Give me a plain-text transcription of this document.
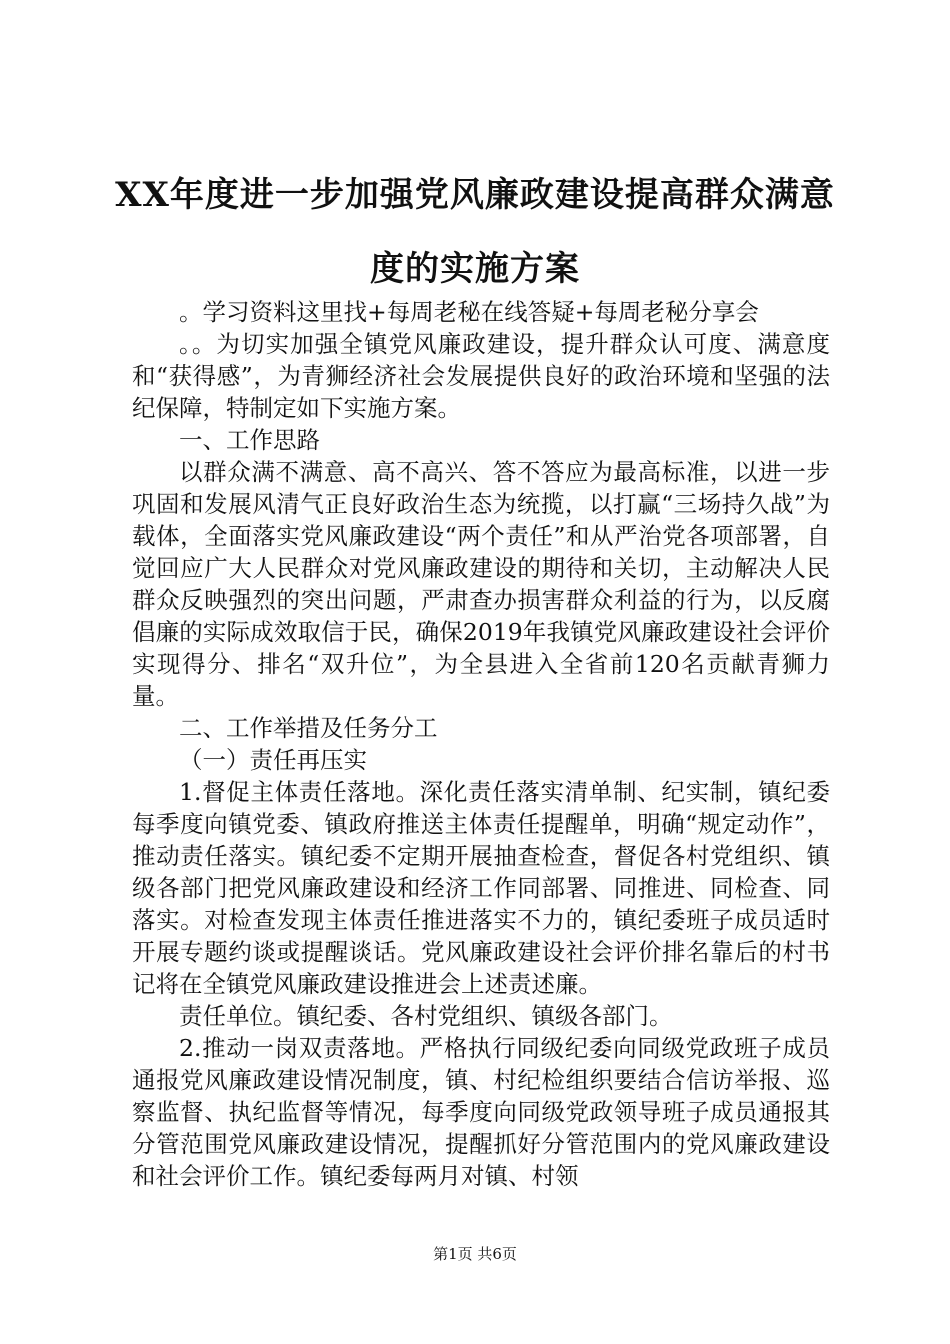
XX年度进一步加强党风廉政建设提高群众满意度的实施方案

。学习资料这里找+每周老秘在线答疑+每周老秘分享会

。。为切实加强全镇党风廉政建设，提升群众认可度、满意度和“获得感”，为青狮经济社会发展提供良好的政治环境和坚强的法纪保障，特制定如下实施方案。

一、工作思路

以群众满不满意、高不高兴、答不答应为最高标准，以进一步巩固和发展风清气正良好政治生态为统揽，以打赢“三场持久战”为载体，全面落实党风廉政建设“两个责任”和从严治党各项部署，自觉回应广大人民群众对党风廉政建设的期待和关切，主动解决人民群众反映强烈的突出问题，严肃查办损害群众利益的行为，以反腐倡廉的实际成效取信于民，确保2019年我镇党风廉政建设社会评价实现得分、排名“双升位”，为全县进入全省前120名贡献青狮力量。

二、工作举措及任务分工

（一）责任再压实

1.督促主体责任落地。深化责任落实清单制、纪实制，镇纪委每季度向镇党委、镇政府推送主体责任提醒单，明确“规定动作”，推动责任落实。镇纪委不定期开展抽查检查，督促各村党组织、镇级各部门把党风廉政建设和经济工作同部署、同推进、同检查、同落实。对检查发现主体责任推进落实不力的，镇纪委班子成员适时开展专题约谈或提醒谈话。党风廉政建设社会评价排名靠后的村书记将在全镇党风廉政建设推进会上述责述廉。

责任单位。镇纪委、各村党组织、镇级各部门。

2.推动一岗双责落地。严格执行同级纪委向同级党政班子成员通报党风廉政建设情况制度，镇、村纪检组织要结合信访举报、巡察监督、执纪监督等情况，每季度向同级党政领导班子成员通报其分管范围党风廉政建设情况，提醒抓好分管范围内的党风廉政建设和社会评价工作。镇纪委每两月对镇、村领

第1页 共6页
